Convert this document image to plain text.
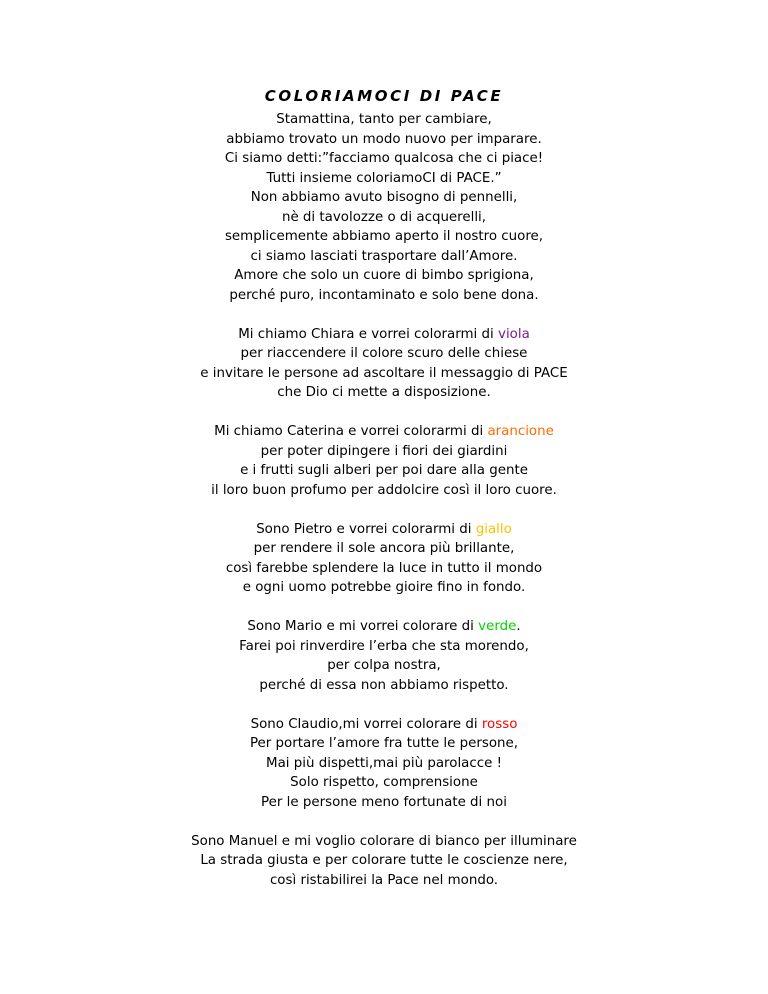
COLORIAMOCI DI PACE
Stamattina, tanto per cambiare,
abbiamo trovato un modo nuovo per imparare.
Ci siamo detti:”facciamo qualcosa che ci piace!
Tutti insieme coloriamoCI di PACE.”
Non abbiamo avuto bisogno di pennelli,
nè di tavolozze o di acquerelli,
semplicemente abbiamo aperto il nostro cuore,
ci siamo lasciati trasportare dall’Amore.
Amore che solo un cuore di bimbo sprigiona,
perché puro, incontaminato e solo bene dona.
Mi chiamo Chiara e vorrei colorarmi di viola
per riaccendere il colore scuro delle chiese
e invitare le persone ad ascoltare il messaggio di PACE
che Dio ci mette a disposizione.
Mi chiamo Caterina e vorrei colorarmi di arancione
per poter dipingere i fiori dei giardini
e i frutti sugli alberi per poi dare alla gente
il loro buon profumo per addolcire così il loro cuore.
Sono Pietro e vorrei colorarmi di giallo
per rendere il sole ancora più brillante,
così farebbe splendere la luce in tutto il mondo
e ogni uomo potrebbe gioire fino in fondo.
Sono Mario e mi vorrei colorare di verde.
Farei poi rinverdire l’erba che sta morendo,
per colpa nostra,
perché di essa non abbiamo rispetto.
Sono Claudio,mi vorrei colorare di rosso
Per portare l’amore fra tutte le persone,
Mai più dispetti,mai più parolacce !
Solo rispetto, comprensione
Per le persone meno fortunate di noi
Sono Manuel e mi voglio colorare di bianco per illuminare
La strada giusta e per colorare tutte le coscienze nere,
così ristabilirei la Pace nel mondo.
